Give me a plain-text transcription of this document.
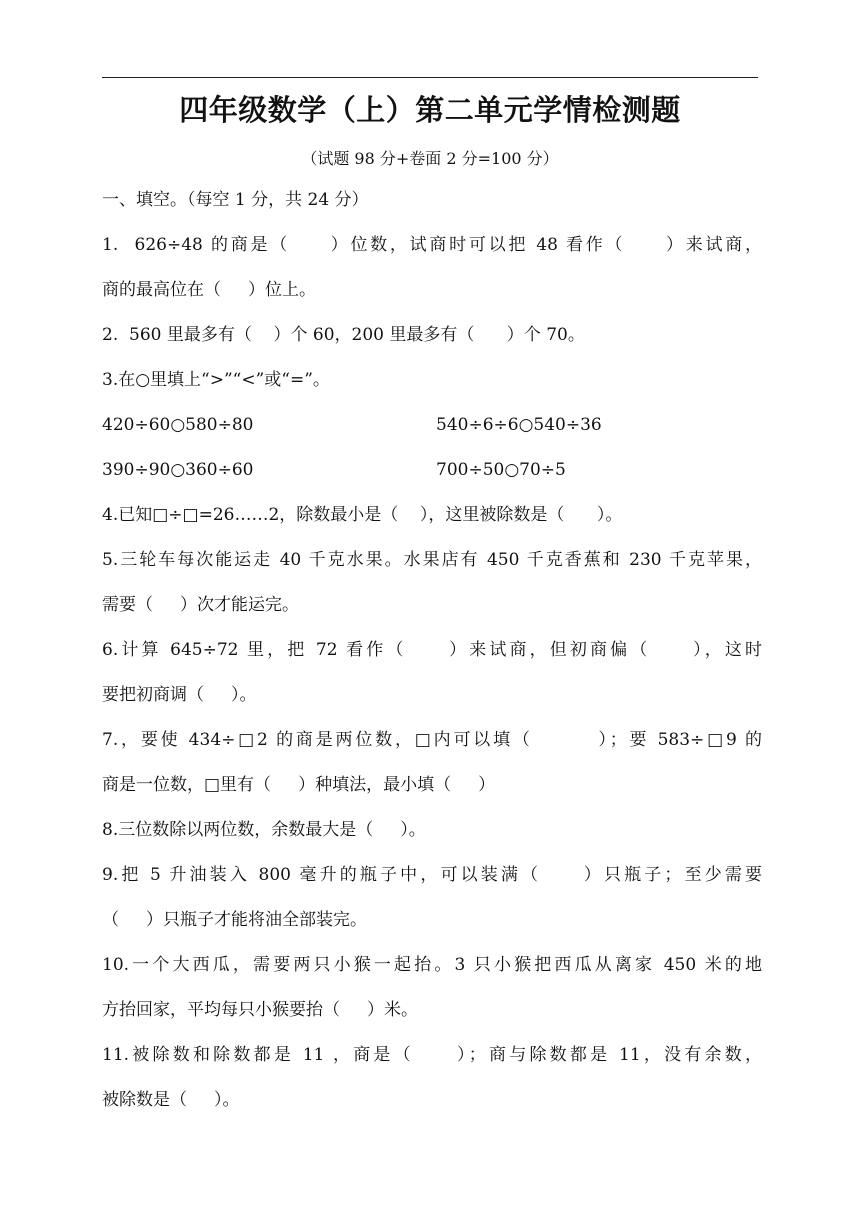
四年级数学（上）第二单元学情检测题
（试题 98 分+卷面 2 分=100 分）
一、填空。（每空 1 分，共 24 分）
1.  626÷48 的商是（     ）位数，试商时可以把 48 看作（     ）来试商，
商的最高位在（     ）位上。
2.  560 里最多有（    ）个 60，200 里最多有（      ）个 70。
3.在○里填上“>”“<”或“=”。
420÷60○580÷80	540÷6÷6○540÷36
390÷90○360÷60	700÷50○70÷5
4.已知□÷□=26……2，除数最小是（    ），这里被除数是（      ）。
5.三轮车每次能运走 40 千克水果。水果店有 450 千克香蕉和 230 千克苹果，
需要（     ）次才能运完。
6.计算 645÷72 里，把 72 看作（     ）来试商，但初商偏（     ），这时
要把初商调（     ）。
7.，要使 434÷□2 的商是两位数，□内可以填（        ）；要 583÷□9 的
商是一位数，□里有（     ）种填法，最小填（     ）
8.三位数除以两位数，余数最大是（     ）。
9.把 5 升油装入 800 毫升的瓶子中，可以装满（     ）只瓶子；至少需要
（     ）只瓶子才能将油全部装完。
10.一个大西瓜，需要两只小猴一起抬。3 只小猴把西瓜从离家 450 米的地
方抬回家，平均每只小猴要抬（     ）米。
11.被除数和除数都是 11 ，商是（     ）；商与除数都是 11，没有余数，
被除数是（     ）。
